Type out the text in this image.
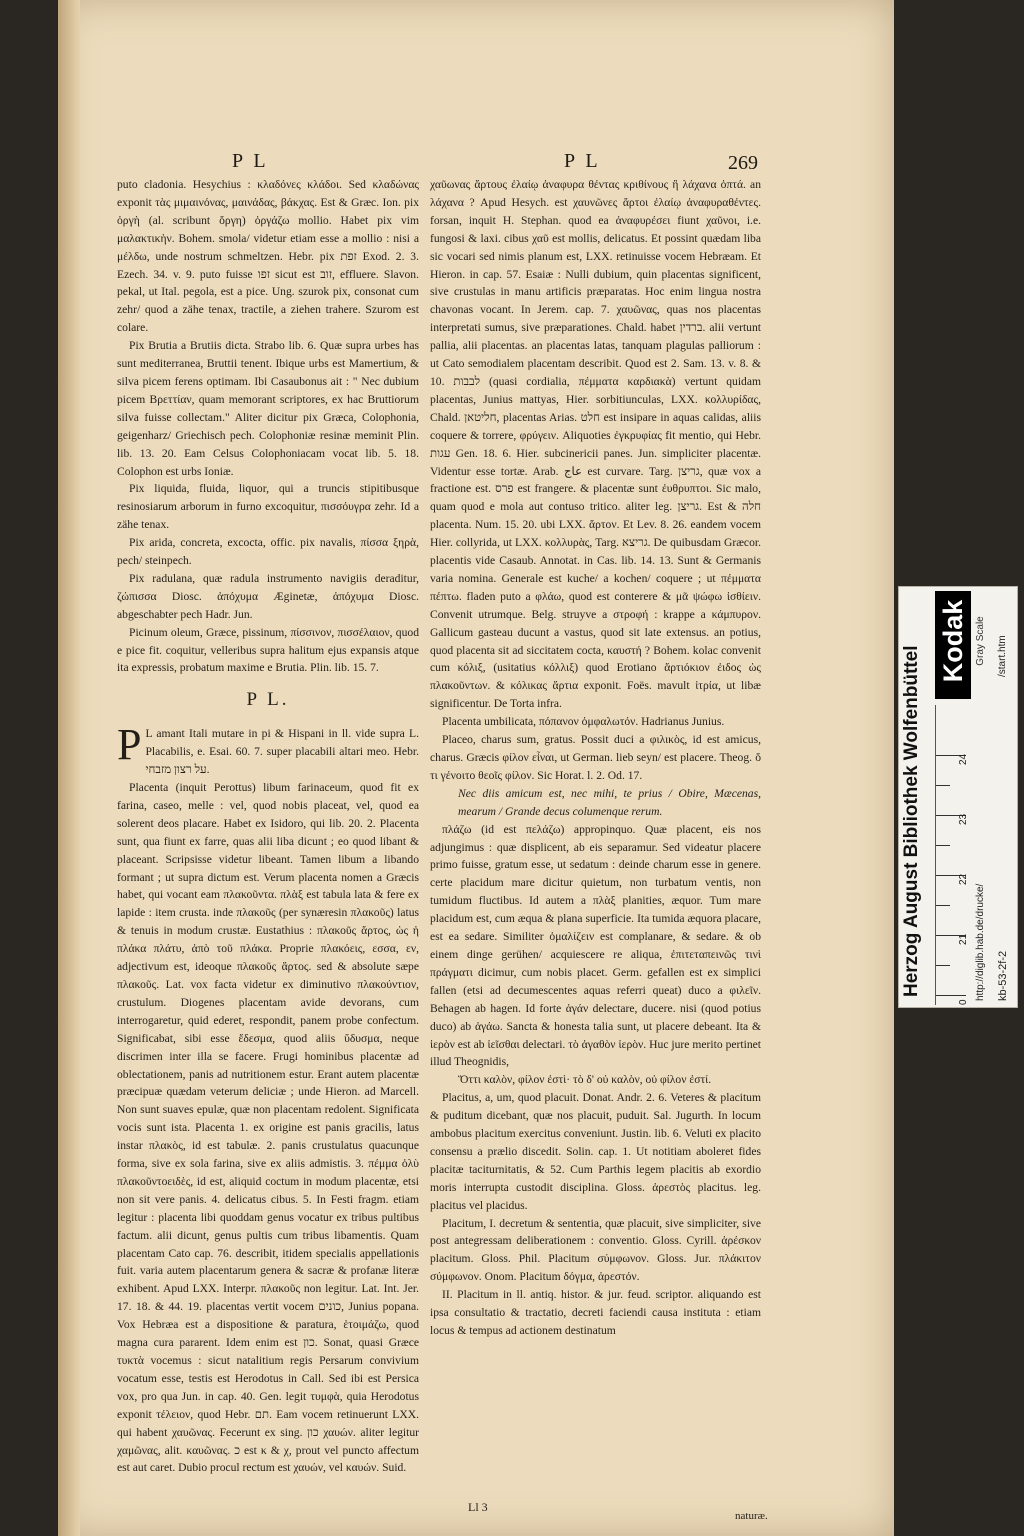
P L	P L	269

puto cladonia. Hesychius : κλαδόνες κλάδοι. Sed κλαδώνας exponit τὰς μιμαινόνας, μαινάδας, βάκχας. Est & Græc. Ion. pix ὀργὴ (al. scribunt ὄργη) ὀργάζω mollio. Habet pix vim μαλακτικὴν. Bohem. smola/ videtur etiam esse a mollio : nisi a μέλδω, unde nostrum schmeltzen. Hebr. pix זפת Exod. 2. 3. Ezech. 34. v. 9. puto fuisse זפו sicut est זוב, effluere. Slavon. pekal, ut Ital. pegola, est a pice. Ung. szurok pix, consonat cum zehr/ quod a zähe tenax, tractile, a ziehen trahere. Szurom est colare.

Pix Brutia a Brutiis dicta. Strabo lib. 6. Quæ supra urbes has sunt mediterranea, Bruttii tenent. Ibique urbs est Mamertium, & silva picem ferens optimam. Ibi Casaubonus ait : " Nec dubium picem Βρεττίαν, quam memorant scriptores, ex hac Bruttiorum silva fuisse collectam." Aliter dicitur pix Græca, Colophonia, geigenharz/ Griechisch pech. Colophoniæ resinæ meminit Plin. lib. 13. 20. Eam Celsus Colophoniacam vocat lib. 5. 18. Colophon est urbs Ioniæ.

Pix liquida, fluida, liquor, qui a truncis stipitibusque resinosiarum arborum in furno excoquitur, πισσόυγρα zehr. Id a zähe tenax.

Pix arida, concreta, excocta, offic. pix navalis, πίσσα ξηρὰ, pech/ steinpech.

Pix radulana, quæ radula instrumento navigiis deraditur, ζώπισσα Diosc. ἀπόχυμα Æginetæ, ἀπόχυμα Diosc. abgeschabter pech Hadr. Jun.

Picinum oleum, Græce, pissinum, πίσσινον, πισσέλαιον, quod e pice fit. coquitur, velleribus supra halitum ejus expansis atque ita expressis, probatum maxime e Brutia. Plin. lib. 15. 7.

P L.

P L amant Itali mutare in pi & Hispani in ll. vide supra L. Placabilis, e. Esai. 60. 7. super placabili altari meo. Hebr. על רצון מזבחי.

Placenta (inquit Perottus) libum farinaceum, quod fit ex farina, caseo, melle : vel, quod nobis placeat, vel, quod ea solerent deos placare. Habet ex Isidoro, qui lib. 20. 2. Placenta sunt, qua fiunt ex farre, quas alii liba dicunt ; eo quod libant & placeant. Scripsisse videtur libeant. Tamen libum a libando formant ; ut supra dictum est. Verum placenta nomen a Græcis habet, qui vocant eam πλακοῦντα. πλὰξ est tabula lata & fere ex lapide : item crusta. inde πλακοῦς (per synæresin πλακοῦς) latus & tenuis in modum crustæ. Eustathius : πλακοῦς ἄρτος, ὡς ἡ πλάκα πλάτυ, ἀπὸ τοῦ πλάκα. Proprie πλακόεις, εσσα, εν, adjectivum est, ideoque πλακοῦς ἄρτος. sed & absolute sæpe πλακοῦς. Lat. vox facta videtur ex diminutivo πλακούντιον, crustulum. Diogenes placentam avide devorans, cum interrogaretur, quid ederet, respondit, panem probe confectum. Significabat, sibi esse ἔδεσμα, quod aliis ὕδυσμα, neque discrimen inter illa se facere. Frugi hominibus placentæ ad oblectationem, panis ad nutritionem estur. Erant autem placentæ præcipuæ quædam veterum deliciæ ; unde Hieron. ad Marcell. Non sunt suaves epulæ, quæ non placentam redolent. Significata vocis sunt ista. Placenta 1. ex origine est panis gracilis, latus instar πλακὸς, id est tabulæ. 2. panis crustulatus quacunque forma, sive ex sola farina, sive ex aliis admistis. 3. πέμμα ὀλὺ πλακοῦντοειδὲς, id est, aliquid coctum in modum placentæ, etsi non sit vere panis. 4. delicatus cibus. 5. In Festi fragm. etiam legitur : placenta libi quoddam genus vocatur ex tribus pultibus factum. alii dicunt, genus pultis cum tribus libamentis. Quam placentam Cato cap. 76. describit, itidem specialis appellationis fuit. varia autem placentarum genera & sacræ & profanæ literæ exhibent. Apud LXX. Interpr. πλακοῦς non legitur. Lat. Int. Jer. 17. 18. & 44. 19. placentas vertit vocem כונים, Junius popana. Vox Hebræa est a dispositione & paratura, ἑτοιμάζω, quod magna cura pararent. Idem enim est כון. Sonat, quasi Græce τυκτὰ vocemus : sicut natalitium regis Persarum convivium vocatum esse, testis est Herodotus in Call. Sed ibi est Persica vox, pro qua Jun. in cap. 40. Gen. legit τυμφὰ, quia Herodotus exponit τέλειον, quod Hebr. תם. Eam vocem retinuerunt LXX. qui habent χαυῶνας. Fecerunt ex sing. כון χαυών. aliter legitur χαμῶνας, alit. καυῶνας. כ est κ & χ, prout vel puncto affectum est aut caret. Dubio procul rectum est χαυών, vel καυών. Suid.

χαῦωνας ἄρτους ἐλαίῳ ἀναφυρα θέντας κριθίνους ἢ λάχανα ὀπτά. an λάχανα ? Apud Hesych. est χαυνῶνες ἄρτοι ἐλαίῳ ἀναφυραθέντες. forsan, inquit H. Stephan. quod ea ἀναφυρέσει fiunt χαῦνοι, i.e. fungosi & laxi. cibus χαῦ est mollis, delicatus. Et possint quædam liba sic vocari sed nimis planum est, LXX. retinuisse vocem Hebræam. Et Hieron. in cap. 57. Esaiæ : Nulli dubium, quin placentas significent, sive crustulas in manu artificis præparatas. Hoc enim lingua nostra chavonas vocant. In Jerem. cap. 7. χαυῶνας, quas nos placentas interpretati sumus, sive præparationes. Chald. habet ברדין. alii vertunt pallia, alii placentas. an placentas latas, tanquam plagulas palliorum : ut Cato semodialem placentam describit. Quod est 2. Sam. 13. v. 8. & 10. לבבות (quasi cordialia, πέμματα καρδιακὰ) vertunt quidam placentas, Junius mattyas, Hier. sorbitiunculas, LXX. κολλυρίδας, Chald. חליטאן, placentas Arias. חלט est insipare in aquas calidas, aliis coquere & torrere, φρύγειν. Aliquoties ἐγκρυφίας fit mentio, qui Hebr. עגות Gen. 18. 6. Hier. subcinericii panes. Jun. simpliciter placentæ. Videntur esse tortæ. Arab. عاج est curvare. Targ. גריצן, quæ vox a fractione est. פרס est frangere. & placentæ sunt ἐυθρυπτοι. Sic malo, quam quod e mola aut contuso tritico. aliter leg. גריצן. Est & חלה placenta. Num. 15. 20. ubi LXX. ἄρτον. Et Lev. 8. 26. eandem vocem Hier. collyrida, ut LXX. κολλυρὰς, Targ. גריצא. De quibusdam Græcor. placentis vide Casaub. Annotat. in Cas. lib. 14. 13. Sunt & Germanis varia nomina. Generale est kuche/ a kochen/ coquere ; ut πέμματα πέπτω. fladen puto a φλάω, quod est conterere & μᾶ ψώφω ἰσθίειν. Convenit utrumque. Belg. struyve a στροφή : krappe a κάμπυρον. Gallicum gasteau ducunt a vastus, quod sit late extensus. an potius, quod placenta sit ad siccitatem cocta, καυστή ? Bohem. kolac convenit cum κόλιξ, (usitatius κόλλιξ) quod Erotiano ἄρτιόκιον ἐιδος ὡς πλακοῦντων. & κόλικας ἄρτια exponit. Foës. mavult ἰτρία, ut libæ significentur. De Torta infra.

Placenta umbilicata, πόπανον ὀμφαλωτόν. Hadrianus Junius.

Placeo, charus sum, gratus. Possit duci a φιλικὸς, id est amicus, charus. Græcis φίλον εἶναι, ut German. lieb seyn/ est placere. Theog. ὅ τι γένοιτο θεοῖς φίλον. Sic Horat. l. 2. Od. 17.

Nec diis amicum est, nec mihi, te prius / Obire, Mæcenas, mearum / Grande decus columenque rerum.

πλάζω (id est πελάζω) appropinquo. Quæ placent, eis nos adjungimus : quæ displicent, ab eis separamur. Sed videatur placere primo fuisse, gratum esse, ut sedatum : deinde charum esse in genere. certe placidum mare dicitur quietum, non turbatum ventis, non tumidum fluctibus. Id autem a πλὰξ planities, æquor. Tum mare placidum est, cum æqua & plana superficie. Ita tumida æquora placare, est ea sedare. Similiter ὁμαλίζειν est complanare, & sedare. & ob einem dinge gerühen/ acquiescere re aliqua, ἐπιτεταπεινῶς τινὶ πράγματι dicimur, cum nobis placet. Germ. gefallen est ex simplici fallen (etsi ad decumescentes aquas referri queat) duco a φιλεῖν. Behagen ab hagen. Id forte ἀγάν delectare, ducere. nisi (quod potius duco) ab ἀγάω. Sancta & honesta talia sunt, ut placere debeant. Ita & ἱερὸν est ab ἱεῖσθαι delectari. τὸ ἀγαθὸν ἱερὸν. Huc jure merito pertinet illud Theognidis,

Ὅττι καλὸν, φίλον ἐστὶ· τὸ δ' οὐ καλὸν, οὐ φίλον ἐστί.

Placitus, a, um, quod placuit. Donat. Andr. 2. 6. Veteres & placitum & puditum dicebant, quæ nos placuit, puduit. Sal. Jugurth. In locum ambobus placitum exercitus conveniunt. Justin. lib. 6. Veluti ex placito consensu a prælio discedit. Solin. cap. 1. Ut notitiam aboleret fides placitæ taciturnitatis, & 52. Cum Parthis legem placitis ab exordio moris interrupta custodit disciplina. Gloss. ἀρεστὸς placitus. leg. placitus vel placidus.

Placitum, I. decretum & sententia, quæ placuit, sive simpliciter, sive post antegressam deliberationem : conventio. Gloss. Cyrill. ἀρέσκον placitum. Gloss. Phil. Placitum σύμφωνον. Gloss. Jur. πλάκιτον σύμφωνον. Onom. Placitum δόγμα, ἀρεστόν.

II. Placitum in ll. antiq. histor. & jur. feud. scriptor. aliquando est ipsa consultatio & tractatio, decreti faciendi causa instituta : etiam locus & tempus ad actionem destinatum

Ll 3
naturæ.
Herzog August Bibliothek Wolfenbüttel
Kodak Gray Scale
0
21
22
23
24
http://diglib.hab.de/drucke/ kb-53-2f-2
/start.htm
